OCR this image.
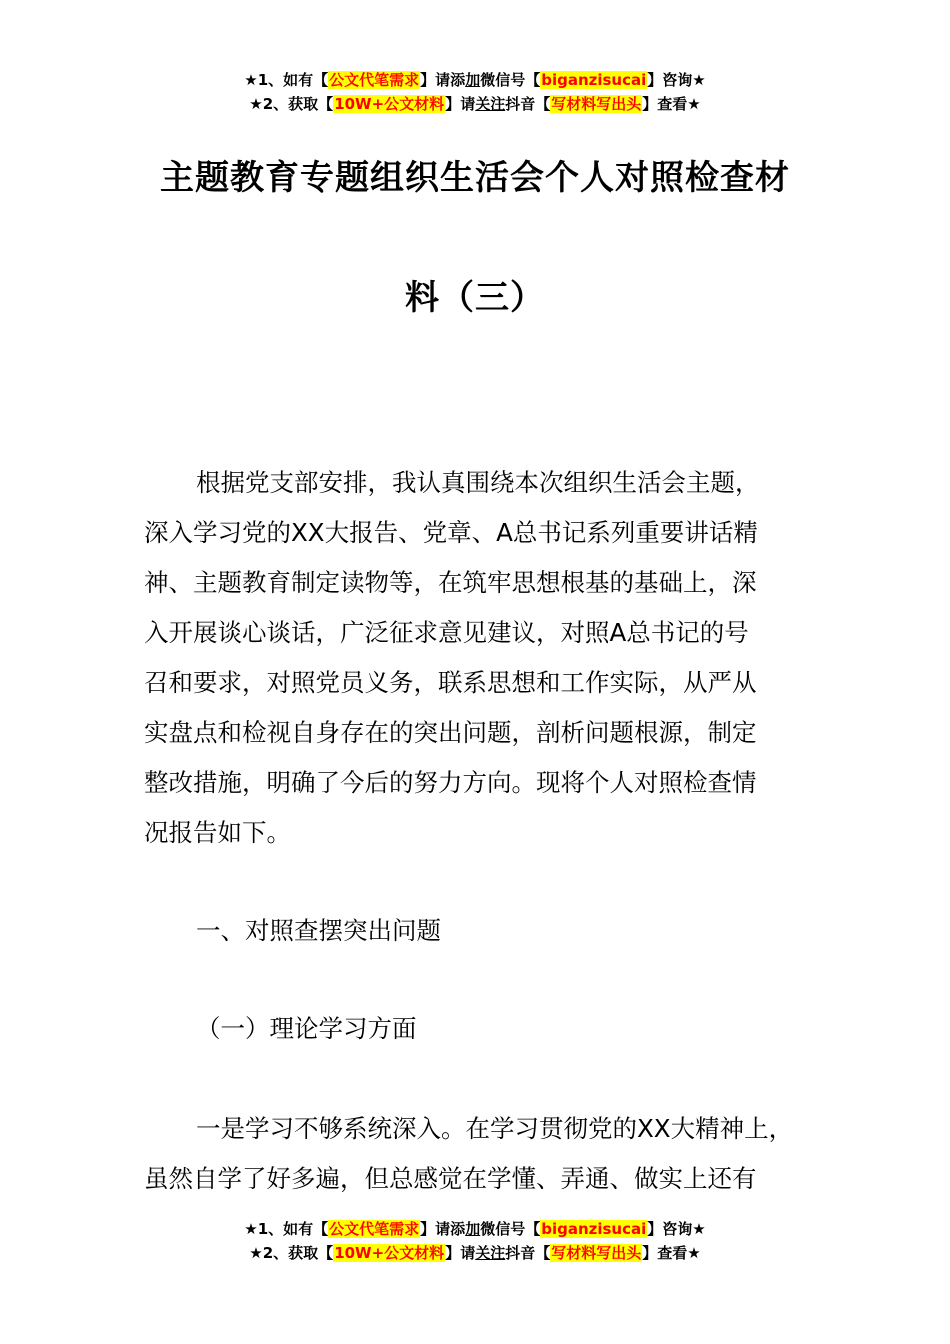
★1、如有【公文代笔需求】请添加微信号【biganzisucai】咨询★
★2、获取【10W+公文材料】请关注抖音【写材料写出头】查看★
主题教育专题组织生活会个人对照检查材
料（三）
根据党支部安排，我认真围绕本次组织生活会主题，
深入学习党的XX大报告、党章、A总书记系列重要讲话精
神、主题教育制定读物等，在筑牢思想根基的基础上，深
入开展谈心谈话，广泛征求意见建议，对照A总书记的号
召和要求，对照党员义务，联系思想和工作实际，从严从
实盘点和检视自身存在的突出问题，剖析问题根源，制定
整改措施，明确了今后的努力方向。现将个人对照检查情
况报告如下。
一、对照查摆突出问题
（一）理论学习方面
一是学习不够系统深入。在学习贯彻党的XX大精神上，
虽然自学了好多遍，但总感觉在学懂、弄通、做实上还有
★1、如有【公文代笔需求】请添加微信号【biganzisucai】咨询★
★2、获取【10W+公文材料】请关注抖音【写材料写出头】查看★
